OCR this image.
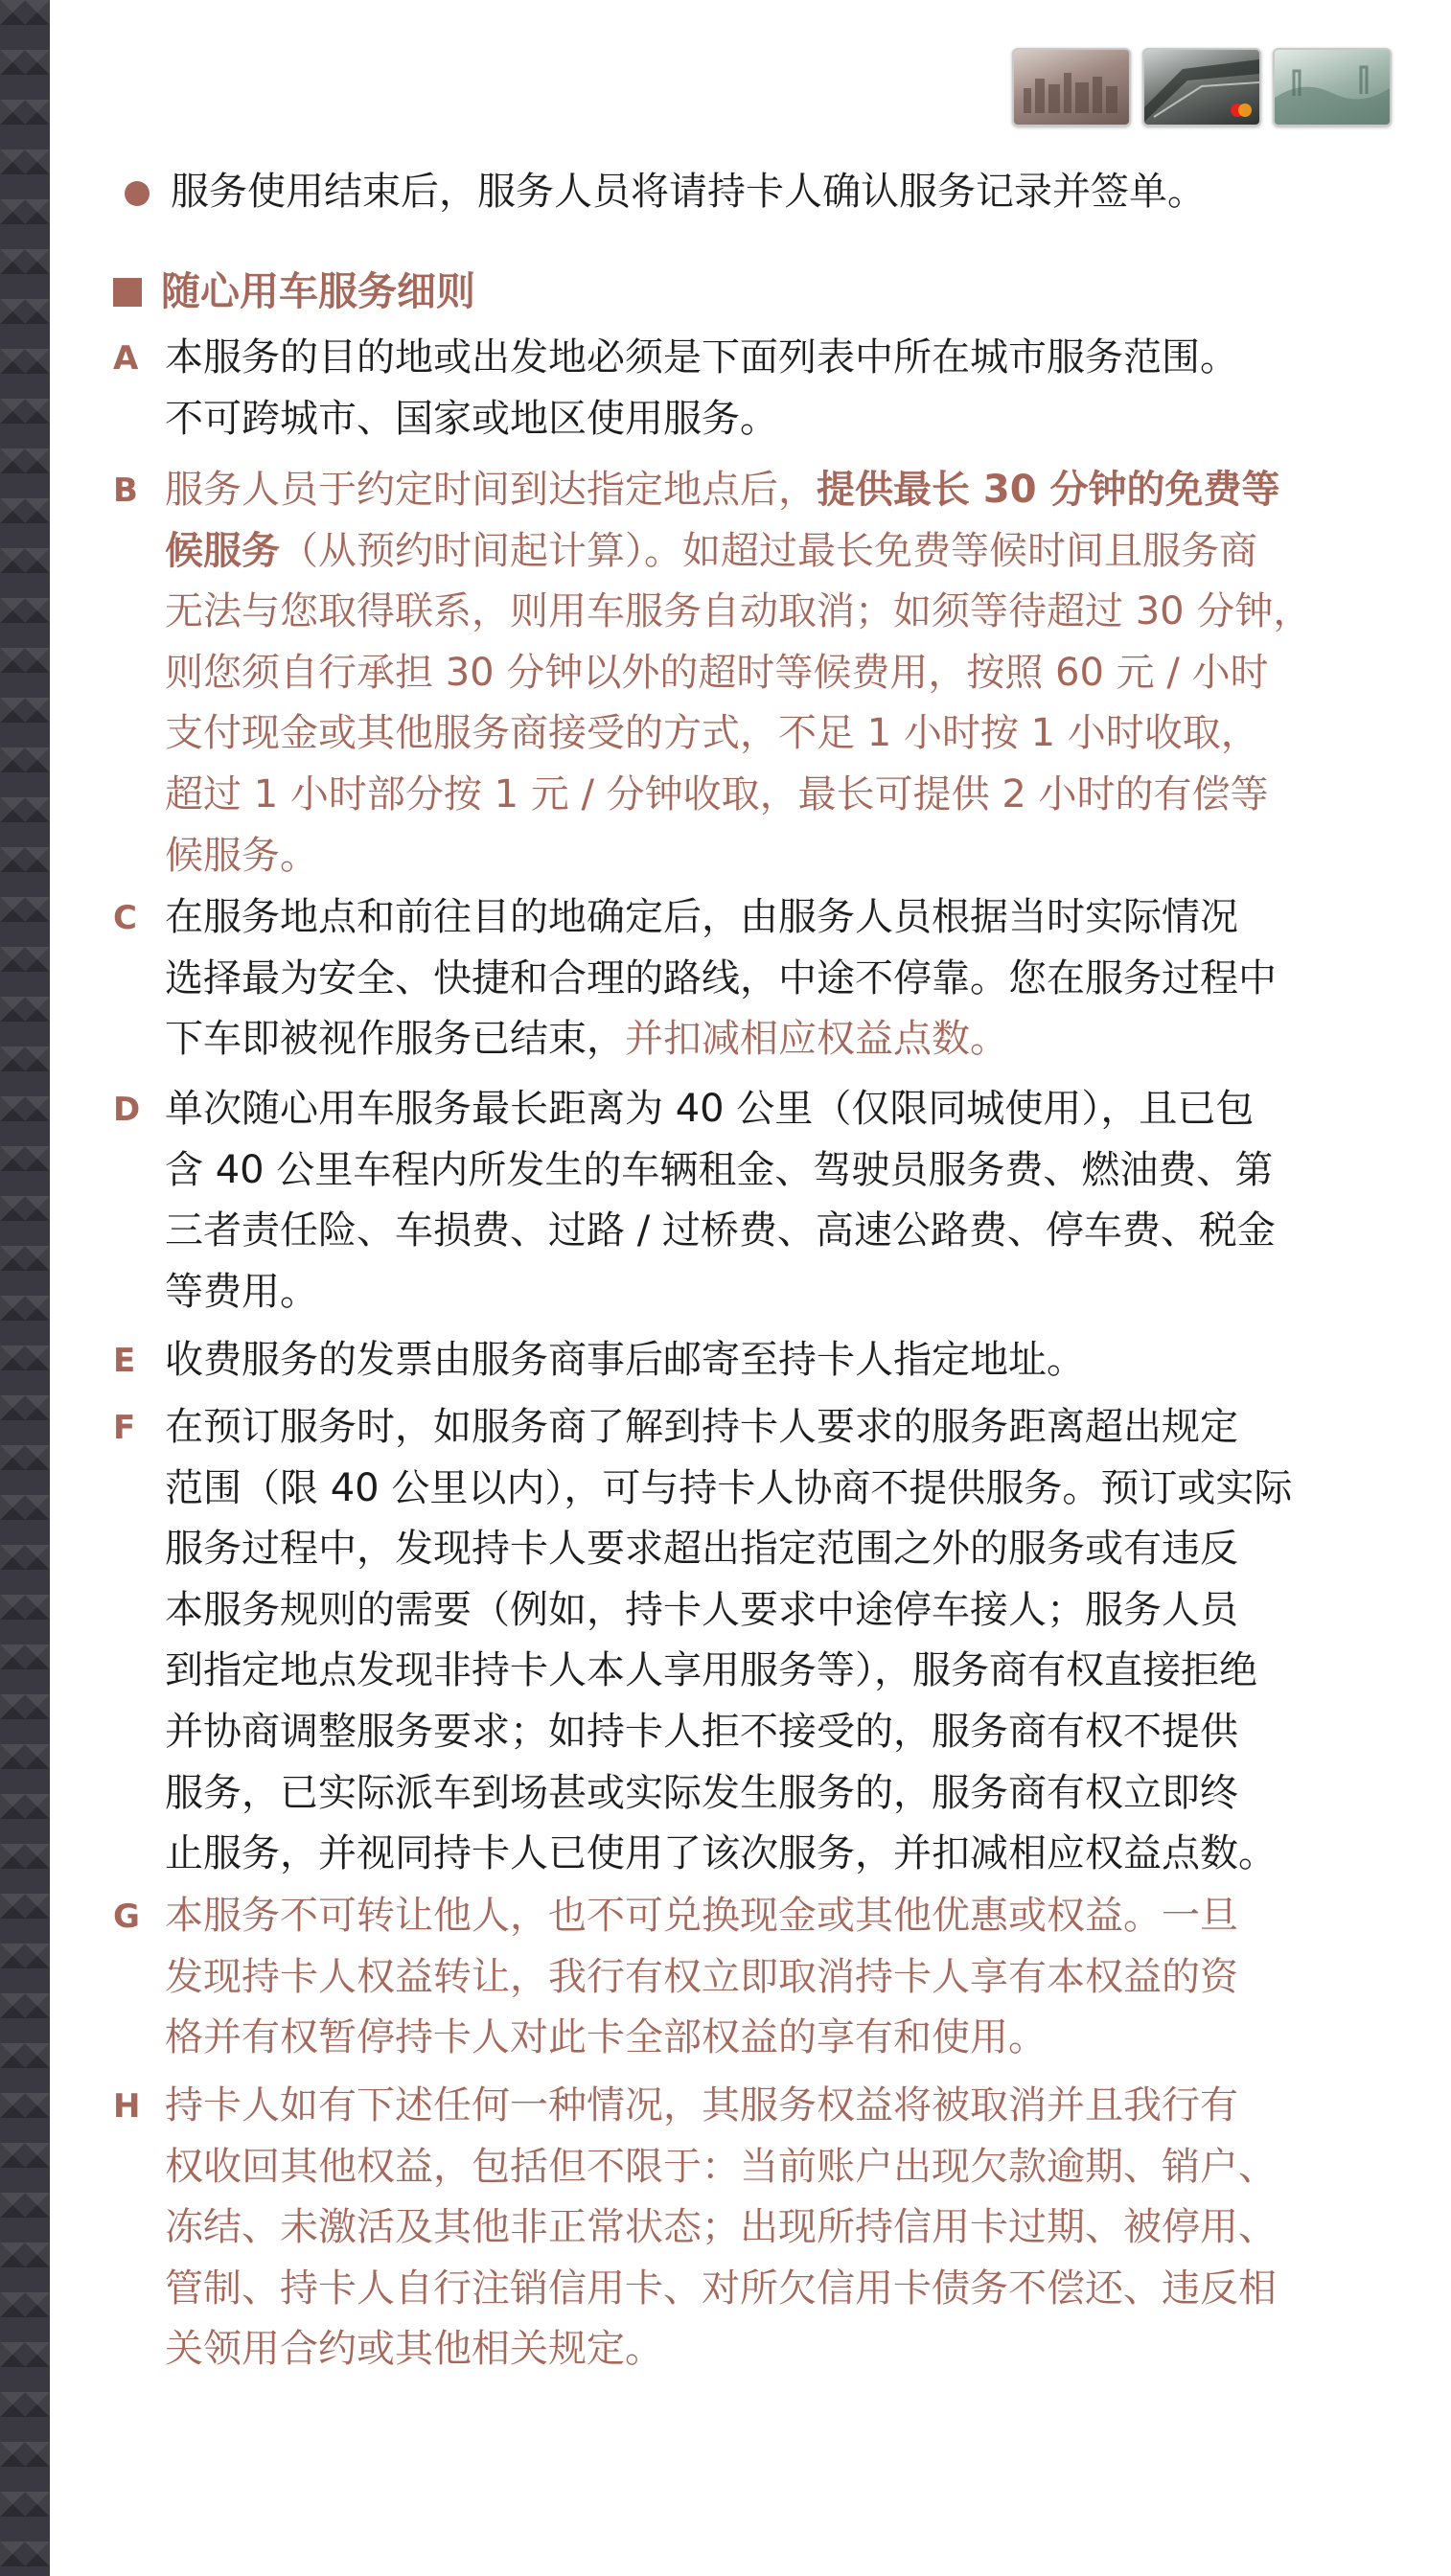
服务使用结束后，服务人员将请持卡人确认服务记录并签单。
随心用车服务细则
A 本服务的目的地或出发地必须是下面列表中所在城市服务范围。
不可跨城市、国家或地区使用服务。
B 服务人员于约定时间到达指定地点后，提供最长 30 分钟的免费等
候服务（从预约时间起计算）。如超过最长免费等候时间且服务商
无法与您取得联系，则用车服务自动取消；如须等待超过 30 分钟，
则您须自行承担 30 分钟以外的超时等候费用，按照 60 元 / 小时
支付现金或其他服务商接受的方式，不足 1 小时按 1 小时收取，
超过 1 小时部分按 1 元 / 分钟收取，最长可提供 2 小时的有偿等
候服务。
C 在服务地点和前往目的地确定后，由服务人员根据当时实际情况
选择最为安全、快捷和合理的路线，中途不停靠。您在服务过程中
下车即被视作服务已结束，并扣减相应权益点数。
D 单次随心用车服务最长距离为 40 公里（仅限同城使用），且已包
含 40 公里车程内所发生的车辆租金、驾驶员服务费、燃油费、第
三者责任险、车损费、过路 / 过桥费、高速公路费、停车费、税金
等费用。
E 收费服务的发票由服务商事后邮寄至持卡人指定地址。
F 在预订服务时，如服务商了解到持卡人要求的服务距离超出规定
范围（限 40 公里以内），可与持卡人协商不提供服务。预订或实际
服务过程中，发现持卡人要求超出指定范围之外的服务或有违反
本服务规则的需要（例如，持卡人要求中途停车接人；服务人员
到指定地点发现非持卡人本人享用服务等），服务商有权直接拒绝
并协商调整服务要求；如持卡人拒不接受的，服务商有权不提供
服务，已实际派车到场甚或实际发生服务的，服务商有权立即终
止服务，并视同持卡人已使用了该次服务，并扣减相应权益点数。
G 本服务不可转让他人，也不可兑换现金或其他优惠或权益。一旦
发现持卡人权益转让，我行有权立即取消持卡人享有本权益的资
格并有权暂停持卡人对此卡全部权益的享有和使用。
H 持卡人如有下述任何一种情况，其服务权益将被取消并且我行有
权收回其他权益，包括但不限于：当前账户出现欠款逾期、销户、
冻结、未激活及其他非正常状态；出现所持信用卡过期、被停用、
管制、持卡人自行注销信用卡、对所欠信用卡债务不偿还、违反相
关领用合约或其他相关规定。
